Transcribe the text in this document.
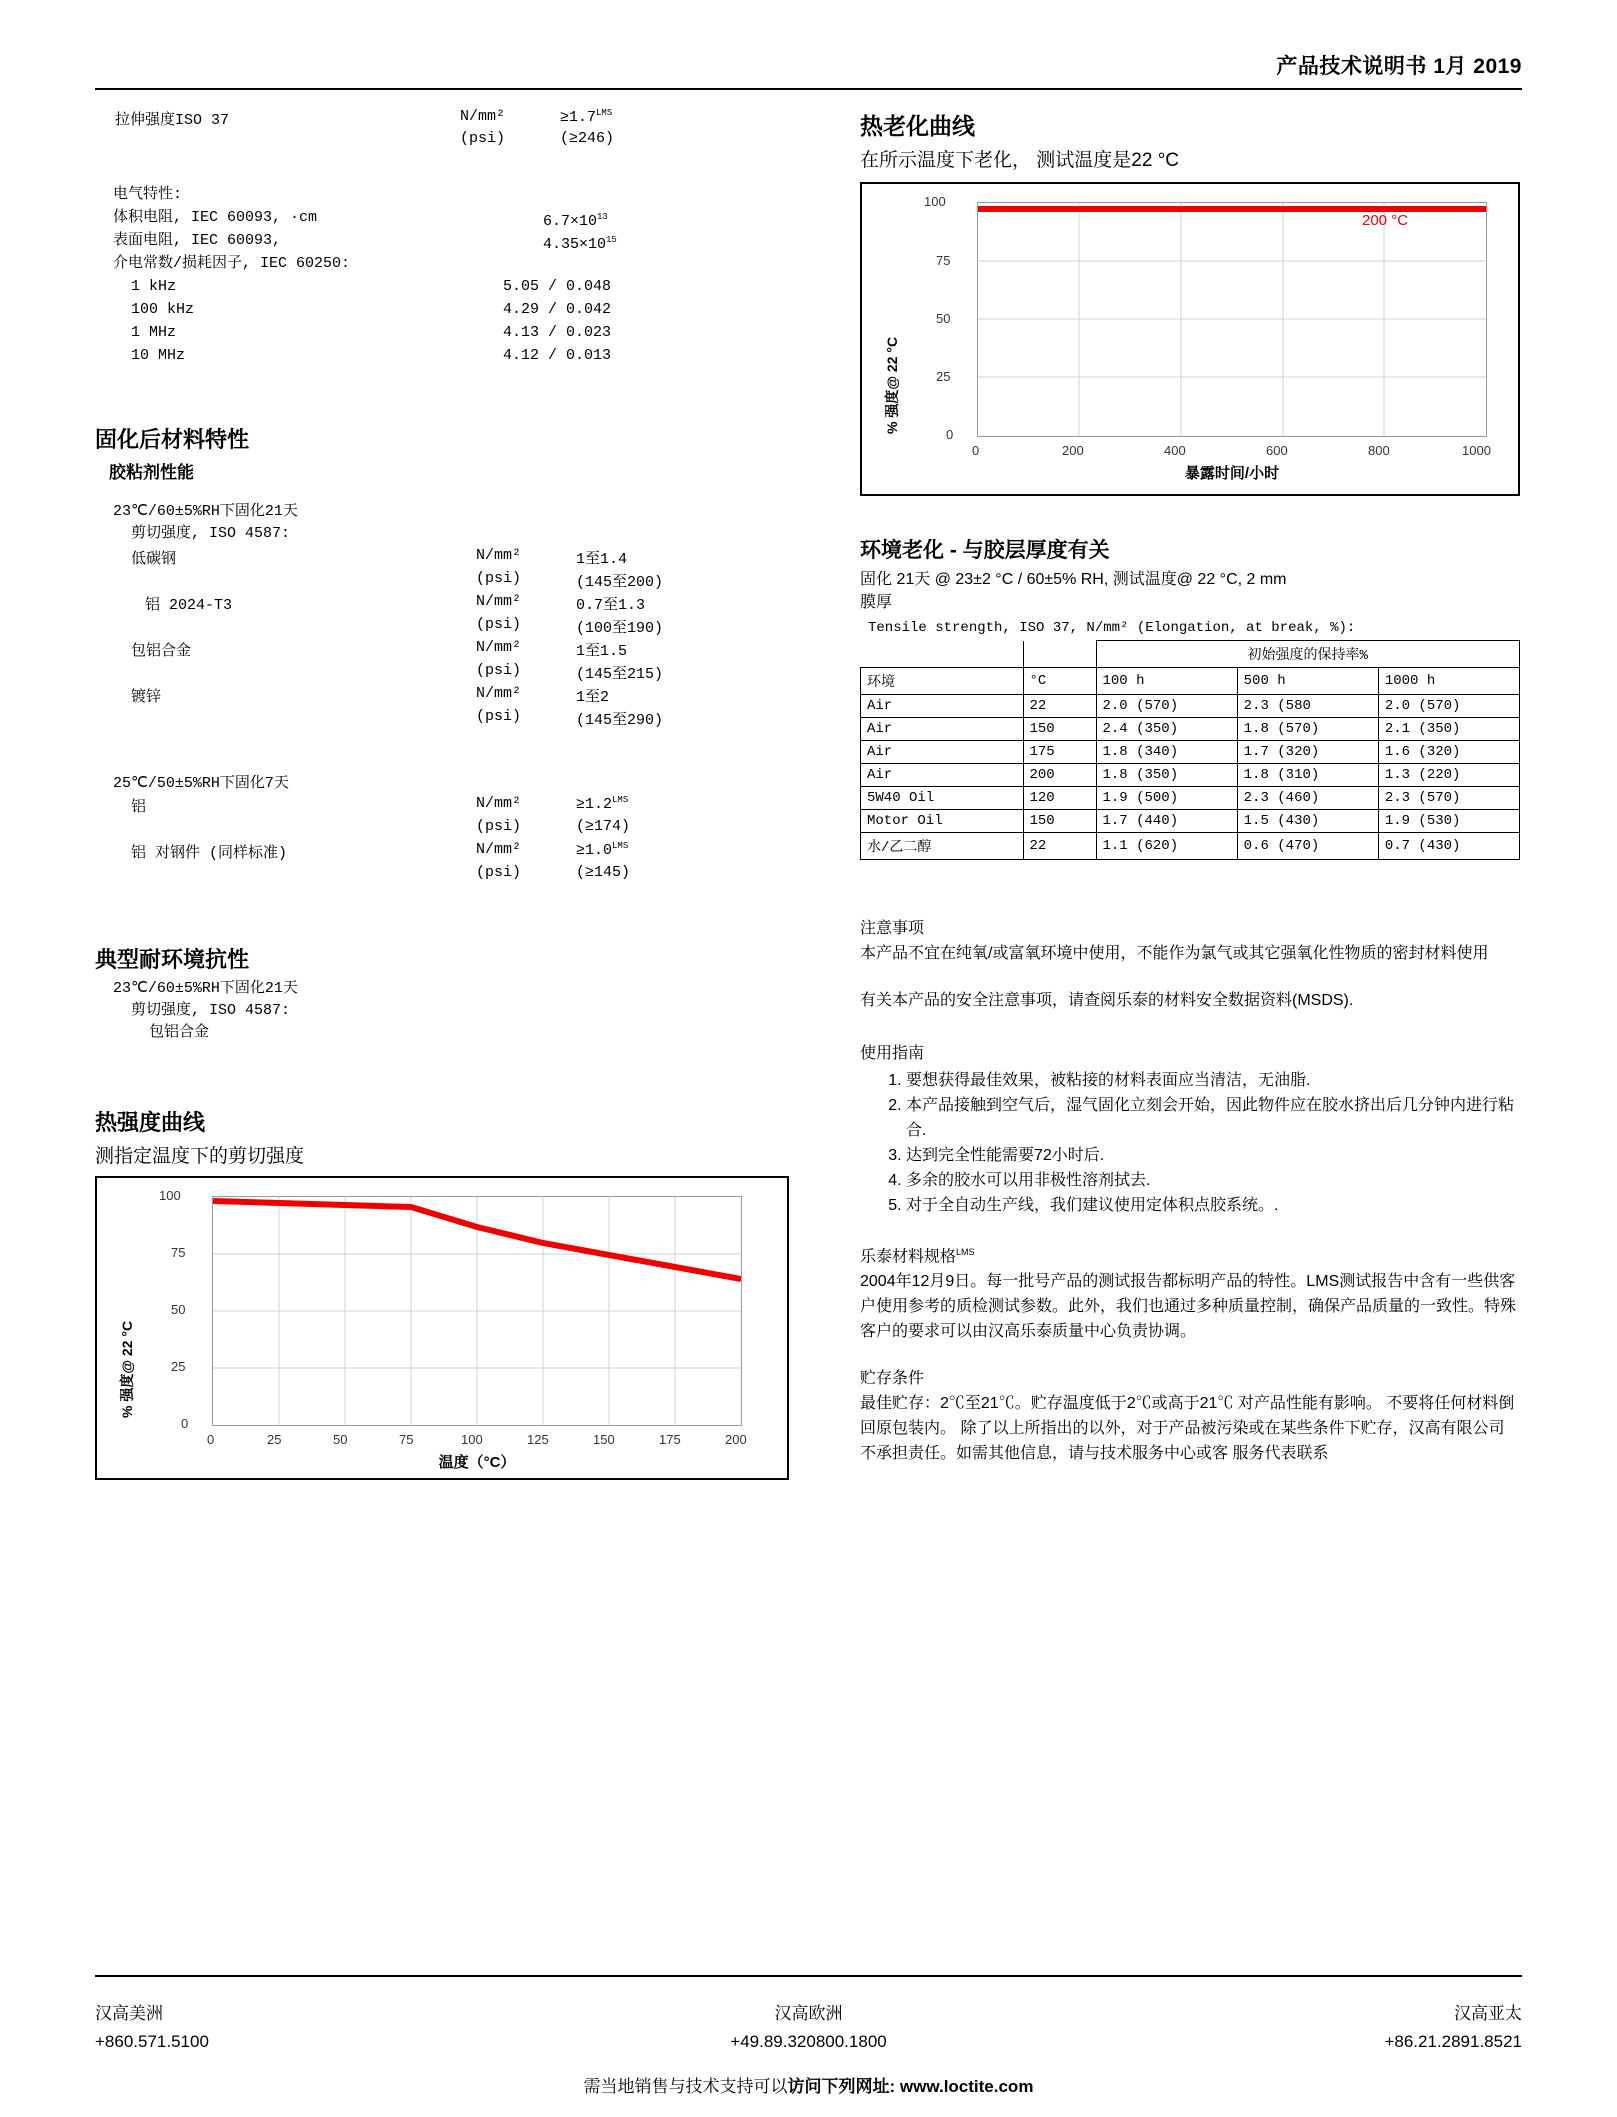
产品技术说明书 1月 2019
拉伸强度ISO 37	N/mm²	$\ge 1.7^{LMS}$
(psi)	(≥246)
电气特性:
体积电阻, IEC 60093, ·cm	$6.7\times 10^{13}$
表面电阻, IEC 60093,	$4.35\times 10^{15}$
介电常数/损耗因子, IEC 60250:
1 kHz	5.05 / 0.048
100 kHz	4.29 / 0.042
1 MHz	4.13 / 0.023
10 MHz	4.12 / 0.013
固化后材料特性
胶粘剂性能
23℃/60±5%RH下固化21天
剪切强度, ISO 4587:
低碳钢	N/mm²	1至1.4
(psi)	(145至200)
铝 2024-T3	N/mm²	0.7至1.3
(psi)	(100至190)
包铝合金	N/mm²	1至1.5
(psi)	(145至215)
镀锌	N/mm²	1至2
(psi)	(145至290)
25℃/50±5%RH下固化7天
铝	N/mm²	$\ge 1.2^{LMS}$
(psi)	(≥174)
铝 对钢件 (同样标准)	N/mm²	$\ge 1.0^{LMS}$
(psi)	(≥145)
典型耐环境抗性
23℃/60±5%RH下固化21天
剪切强度, ISO 4587:
包铝合金
热强度曲线
测指定温度下的剪切强度
% 强度@ 22 °C
100
75
50
25
0
0	25	50	75	100	125	150	175	200
温度（°C）
热老化曲线
在所示温度下老化， 测试温度是22 °C
% 强度@ 22 °C
200 °C
100
75
50
25
0
0	200	400	600	800	1000
暴露时间/小时
环境老化 - 与胶层厚度有关
固化 21天 @ 23±2 °C / 60±5% RH, 测试温度@ 22 °C, 2 mm
膜厚
Tensile strength, ISO 37, N/mm² (Elongation, at break, %):
		初始强度的保持率%		
环境	°C	100 h	500 h	1000 h
Air	22	2.0 (570)	2.3 (580	2.0 (570)
Air	150	2.4 (350)	1.8 (570)	2.1 (350)
Air	175	1.8 (340)	1.7 (320)	1.6 (320)
Air	200	1.8 (350)	1.8 (310)	1.3 (220)
5W40 Oil	120	1.9 (500)	2.3 (460)	2.3 (570)
Motor Oil	150	1.7 (440)	1.5 (430)	1.9 (530)
水/乙二醇	22	1.1 (620)	0.6 (470)	0.7 (430)

注意事项

本产品不宜在纯氧/或富氧环境中使用，不能作为氯气或其它强氧化性物质的密封材料使用

有关本产品的安全注意事项，请查阅乐泰的材料安全数据资料(MSDS).

使用指南

1. 要想获得最佳效果，被粘接的材料表面应当清洁，无油脂.
2. 本产品接触到空气后，湿气固化立刻会开始，因此物件应在胶水挤出后几分钟内进行粘合.
3. 达到完全性能需要72小时后.
4. 多余的胶水可以用非极性溶剂拭去.
5. 对于全自动生产线，我们建议使用定体积点胶系统。.

乐泰材料规格$^{LMS}$

2004年12月9日。每一批号产品的测试报告都标明产品的特性。LMS测试报告中含有一些供客户使用参考的质检测试参数。此外，我们也通过多种质量控制，确保产品质量的一致性。特殊客户的要求可以由汉高乐泰质量中心负责协调。

贮存条件

最佳贮存：2℃至21℃。贮存温度低于2℃或高于21℃ 对产品性能有影响。 不要将任何材料倒回原包装内。 除了以上所指出的以外，对于产品被污染或在某些条件下贮存，汉高有限公司不承担责任。如需其他信息，请与技术服务中心或客 服务代表联系

汉高美洲
+860.571.5100
汉高欧洲
+49.89.320800.1800
汉高亚太
+86.21.2891.8521
需当地销售与技术支持可以访问下列网址: www.loctite.com
